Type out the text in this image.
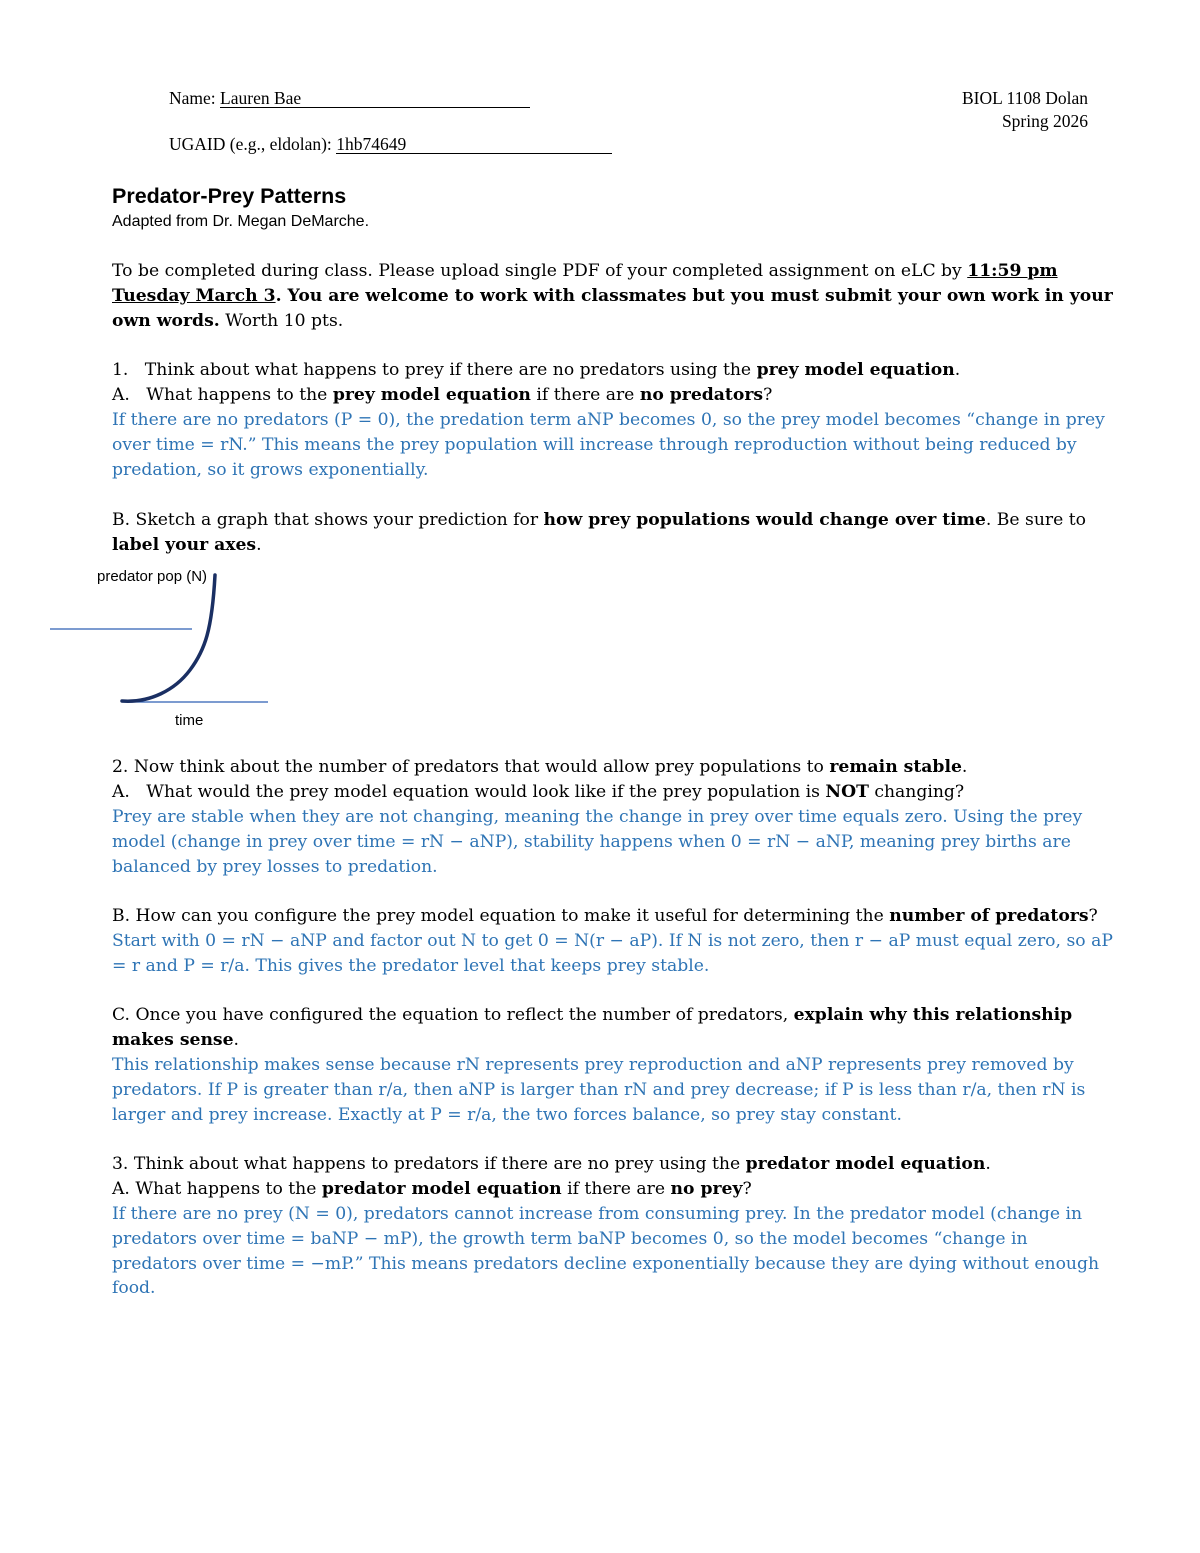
Name: Lauren Bae
UGAID (e.g., eldolan): 1hb74649
BIOL 1108 Dolan
Spring 2026
Predator-Prey Patterns
Adapted from Dr. Megan DeMarche.
To be completed during class. Please upload single PDF of your completed assignment on eLC by 11:59 pm
Tuesday March 3. You are welcome to work with classmates but you must submit your own work in your
own words. Worth 10 pts.
1. Think about what happens to prey if there are no predators using the prey model equation.
A. What happens to the prey model equation if there are no predators?
If there are no predators (P = 0), the predation term aNP becomes 0, so the prey model becomes “change in prey
over time = rN.” This means the prey population will increase through reproduction without being reduced by
predation, so it grows exponentially.
B. Sketch a graph that shows your prediction for how prey populations would change over time. Be sure to
label your axes.
predator pop (N)
time
2. Now think about the number of predators that would allow prey populations to remain stable.
A. What would the prey model equation would look like if the prey population is NOT changing?
Prey are stable when they are not changing, meaning the change in prey over time equals zero. Using the prey
model (change in prey over time = rN − aNP), stability happens when 0 = rN − aNP, meaning prey births are
balanced by prey losses to predation.
B. How can you configure the prey model equation to make it useful for determining the number of predators?
Start with 0 = rN − aNP and factor out N to get 0 = N(r − aP). If N is not zero, then r − aP must equal zero, so aP
= r and P = r/a. This gives the predator level that keeps prey stable.
C. Once you have configured the equation to reflect the number of predators, explain why this relationship
makes sense.
This relationship makes sense because rN represents prey reproduction and aNP represents prey removed by
predators. If P is greater than r/a, then aNP is larger than rN and prey decrease; if P is less than r/a, then rN is
larger and prey increase. Exactly at P = r/a, the two forces balance, so prey stay constant.
3. Think about what happens to predators if there are no prey using the predator model equation.
A. What happens to the predator model equation if there are no prey?
If there are no prey (N = 0), predators cannot increase from consuming prey. In the predator model (change in
predators over time = baNP − mP), the growth term baNP becomes 0, so the model becomes “change in
predators over time = −mP.” This means predators decline exponentially because they are dying without enough
food.
